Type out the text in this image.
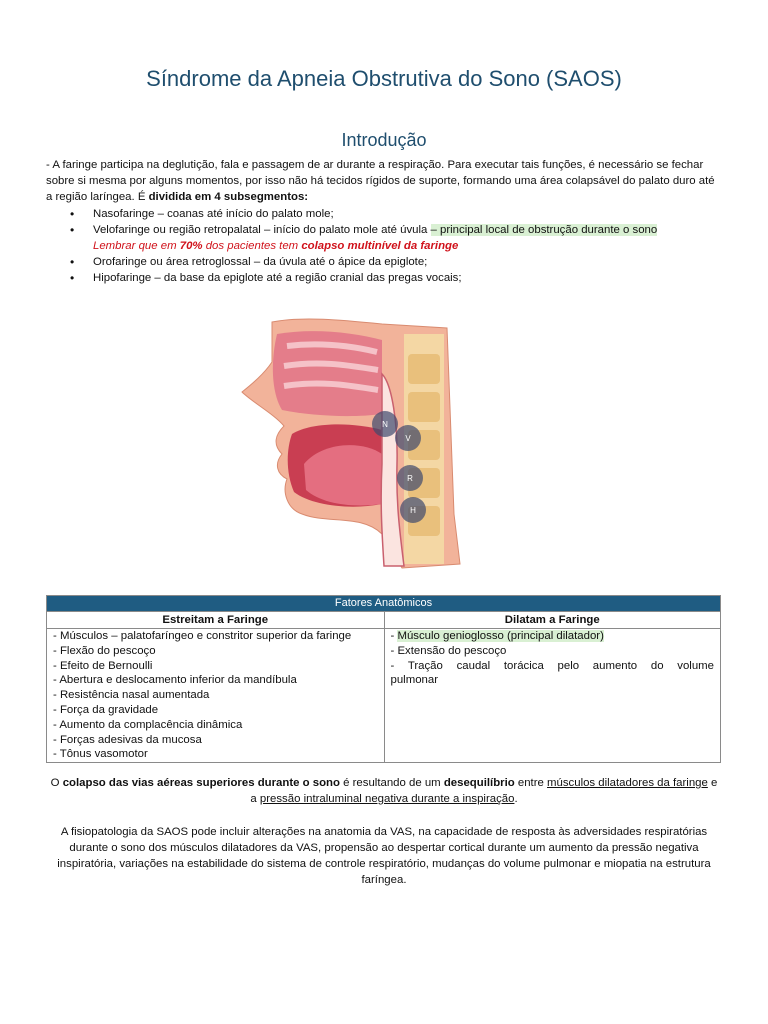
Síndrome da Apneia Obstrutiva do Sono (SAOS)
Introdução

- A faringe participa na deglutição, fala e passagem de ar durante a respiração. Para executar tais funções, é necessário se fechar sobre si mesma por alguns momentos, por isso não há tecidos rígidos de suporte, formando uma área colapsável do palato duro até a região laríngea. É dividida em 4 subsegmentos:

• Nasofaringe – coanas até início do palato mole;
• Velofaringe ou região retropalatal – início do palato mole até úvula – principal local de obstrução durante o sono
Lembrar que em 70% dos pacientes tem colapso multinível da faringe
• Orofaringe ou área retroglossal – da úvula até o ápice da epiglote;
• Hipofaringe – da base da epiglote até a região cranial das pregas vocais;
N
V
R
H
Fatores Anatômicos
Estreitam a Faringe
- Músculos – palatofaríngeo e constritor superior da faringe
- Flexão do pescoço
- Efeito de Bernoulli
- Abertura e deslocamento inferior da mandíbula
- Resistência nasal aumentada
- Força da gravidade
- Aumento da complacência dinâmica
- Forças adesivas da mucosa
- Tônus vasomotor
Dilatam a Faringe
- Músculo genioglosso (principal dilatador)
- Extensão do pescoço
- Tração caudal torácica pelo aumento do volume
pulmonar

O colapso das vias aéreas superiores durante o sono é resultando de um desequilíbrio entre músculos dilatadores da faringe e a pressão intraluminal negativa durante a inspiração.

A fisiopatologia da SAOS pode incluir alterações na anatomia da VAS, na capacidade de resposta às adversidades respiratórias durante o sono dos músculos dilatadores da VAS, propensão ao despertar cortical durante um aumento da pressão negativa inspiratória, variações na estabilidade do sistema de controle respiratório, mudanças do volume pulmonar e miopatia na estrutura faríngea.
